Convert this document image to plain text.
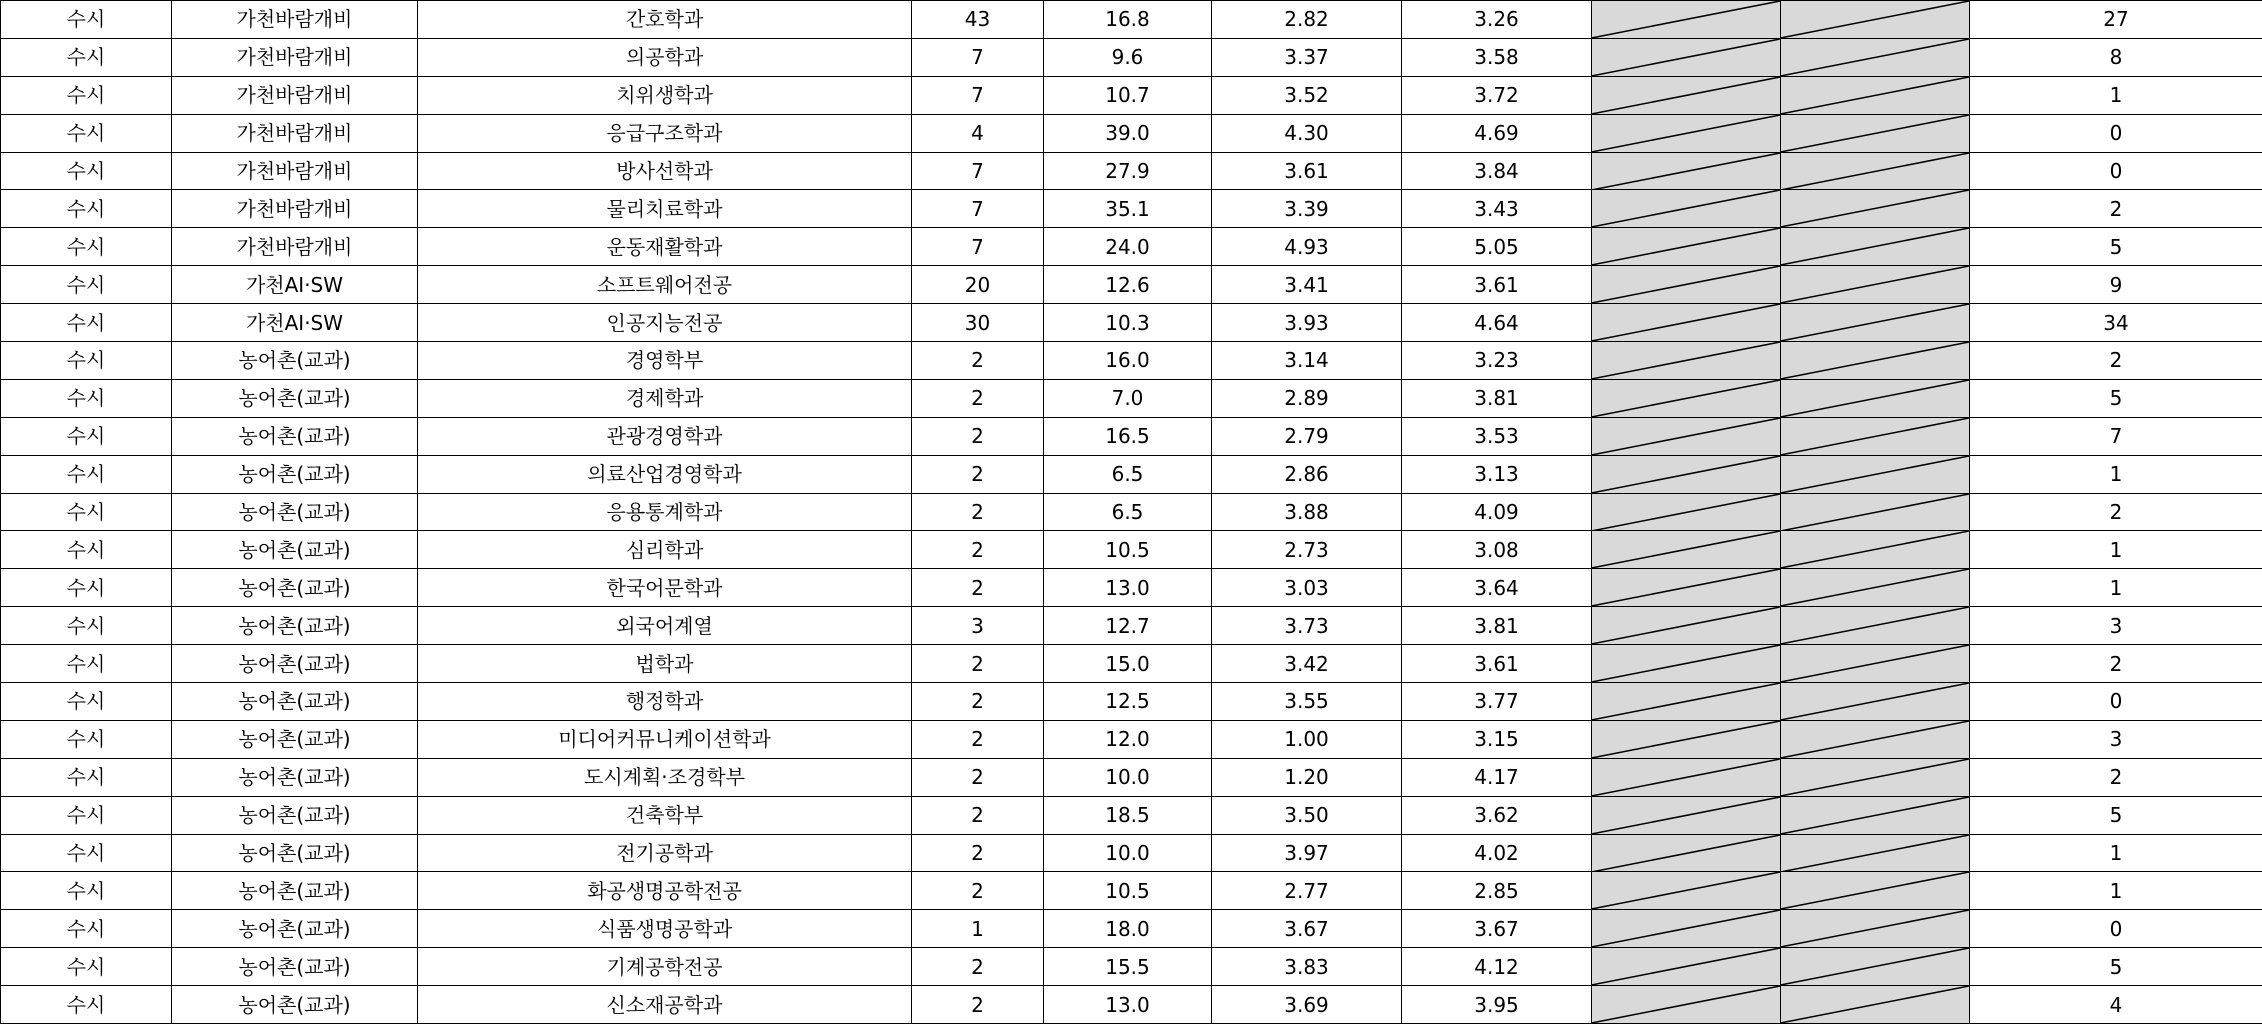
수시	가천바람개비	간호학과	43	16.8	2.82	3.26			27
수시	가천바람개비	의공학과	7	9.6	3.37	3.58			8
수시	가천바람개비	치위생학과	7	10.7	3.52	3.72			1
수시	가천바람개비	응급구조학과	4	39.0	4.30	4.69			0
수시	가천바람개비	방사선학과	7	27.9	3.61	3.84			0
수시	가천바람개비	물리치료학과	7	35.1	3.39	3.43			2
수시	가천바람개비	운동재활학과	7	24.0	4.93	5.05			5
수시	가천AI·SW	소프트웨어전공	20	12.6	3.41	3.61			9
수시	가천AI·SW	인공지능전공	30	10.3	3.93	4.64			34
수시	농어촌(교과)	경영학부	2	16.0	3.14	3.23			2
수시	농어촌(교과)	경제학과	2	7.0	2.89	3.81			5
수시	농어촌(교과)	관광경영학과	2	16.5	2.79	3.53			7
수시	농어촌(교과)	의료산업경영학과	2	6.5	2.86	3.13			1
수시	농어촌(교과)	응용통계학과	2	6.5	3.88	4.09			2
수시	농어촌(교과)	심리학과	2	10.5	2.73	3.08			1
수시	농어촌(교과)	한국어문학과	2	13.0	3.03	3.64			1
수시	농어촌(교과)	외국어계열	3	12.7	3.73	3.81			3
수시	농어촌(교과)	법학과	2	15.0	3.42	3.61			2
수시	농어촌(교과)	행정학과	2	12.5	3.55	3.77			0
수시	농어촌(교과)	미디어커뮤니케이션학과	2	12.0	1.00	3.15			3
수시	농어촌(교과)	도시계획·조경학부	2	10.0	1.20	4.17			2
수시	농어촌(교과)	건축학부	2	18.5	3.50	3.62			5
수시	농어촌(교과)	전기공학과	2	10.0	3.97	4.02			1
수시	농어촌(교과)	화공생명공학전공	2	10.5	2.77	2.85			1
수시	농어촌(교과)	식품생명공학과	1	18.0	3.67	3.67			0
수시	농어촌(교과)	기계공학전공	2	15.5	3.83	4.12			5
수시	농어촌(교과)	신소재공학과	2	13.0	3.69	3.95			4
